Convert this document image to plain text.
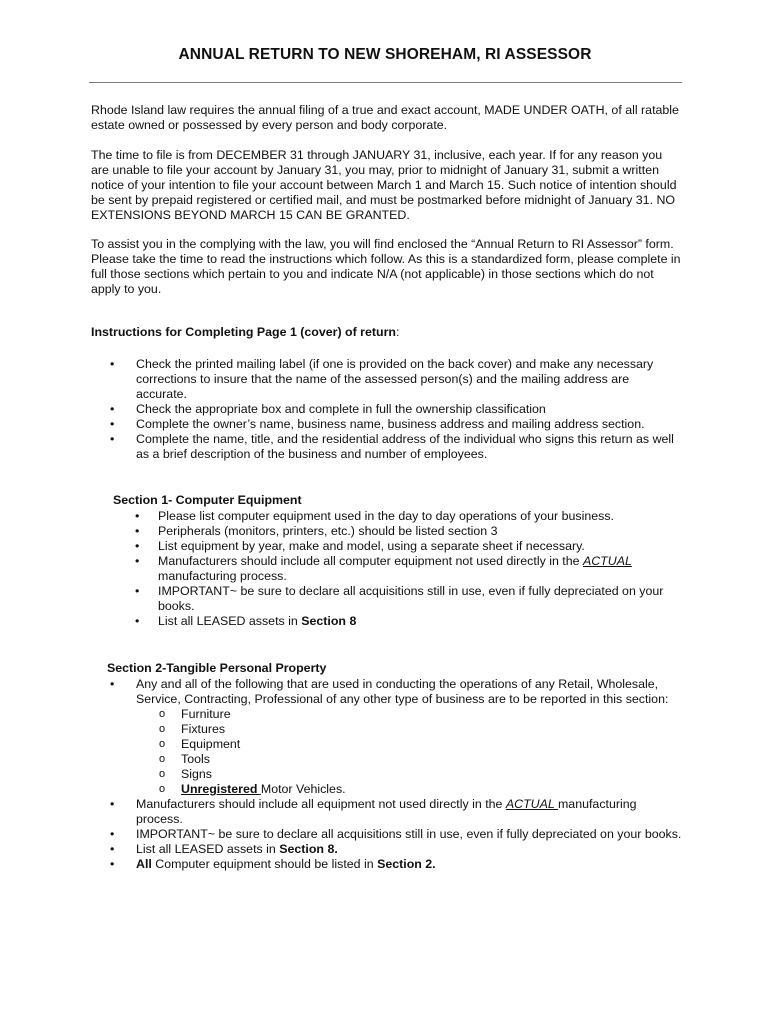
ANNUAL RETURN TO NEW SHOREHAM, RI ASSESSOR

Rhode Island law requires the annual filing of a true and exact account, MADE UNDER OATH, of all ratable estate owned or possessed by every person and body corporate.

The time to file is from DECEMBER 31 through JANUARY 31, inclusive, each year. If for any reason you are unable to file your account by January 31, you may, prior to midnight of January 31, submit a written notice of your intention to file your account between March 1 and March 15. Such notice of intention should be sent by prepaid registered or certified mail, and must be postmarked before midnight of January 31. NO EXTENSIONS BEYOND MARCH 15 CAN BE GRANTED.

To assist you in the complying with the law, you will find enclosed the “Annual Return to RI Assessor” form. Please take the time to read the instructions which follow. As this is a standardized form, please complete in full those sections which pertain to you and indicate N/A (not applicable) in those sections which do not apply to you.

Instructions for Completing Page 1 (cover) of return:
• Check the printed mailing label (if one is provided on the back cover) and make any necessary corrections to insure that the name of the assessed person(s) and the mailing address are accurate.
• Check the appropriate box and complete in full the ownership classification
• Complete the owner’s name, business name, business address and mailing address section.
• Complete the name, title, and the residential address of the individual who signs this return as well as a brief description of the business and number of employees.
Section 1- Computer Equipment
• Please list computer equipment used in the day to day operations of your business.
• Peripherals (monitors, printers, etc.) should be listed section 3
• List equipment by year, make and model, using a separate sheet if necessary.
• Manufacturers should include all computer equipment not used directly in the ACTUAL manufacturing process.
• IMPORTANT~ be sure to declare all acquisitions still in use, even if fully depreciated on your books.
• List all LEASED assets in Section 8
Section 2-Tangible Personal Property
• Any and all of the following that are used in conducting the operations of any Retail, Wholesale, Service, Contracting, Professional of any other type of business are to be reported in this section:
o Furniture
o Fixtures
o Equipment
o Tools
o Signs
o Unregistered Motor Vehicles.
• Manufacturers should include all equipment not used directly in the ACTUAL manufacturing process.
• IMPORTANT~ be sure to declare all acquisitions still in use, even if fully depreciated on your books.
• List all LEASED assets in Section 8.
• All Computer equipment should be listed in Section 2.
